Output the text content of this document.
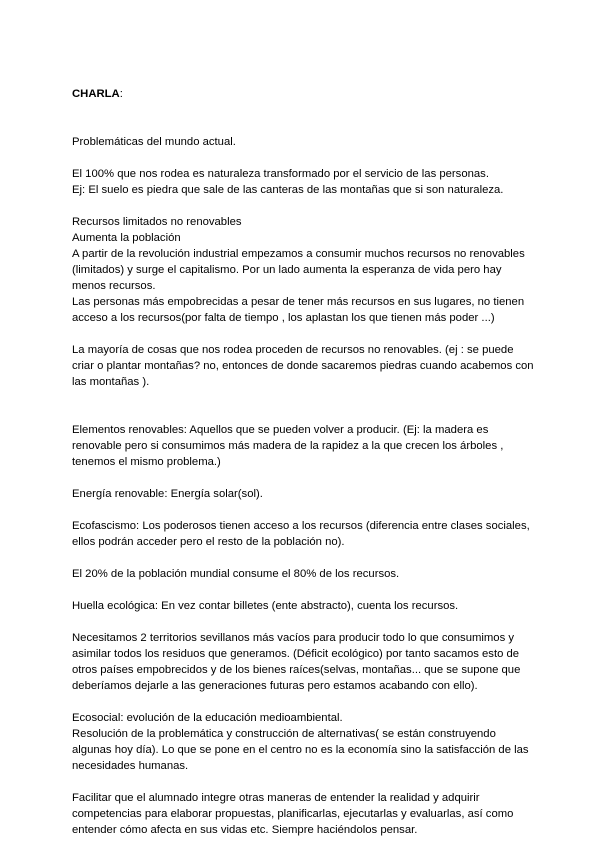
CHARLA:

Problemáticas del mundo actual.

El 100% que nos rodea es naturaleza transformado por el servicio de las personas.

Ej: El suelo es piedra que sale de las canteras de las montañas que si son naturaleza.

Recursos limitados no renovables

Aumenta la población

A partir de la revolución industrial empezamos a consumir muchos recursos no renovables (limitados) y surge el capitalismo. Por un lado aumenta la esperanza de vida pero hay menos recursos.

Las personas más empobrecidas a pesar de tener más recursos en sus lugares, no tienen acceso a los recursos(por falta de tiempo , los aplastan los que tienen más poder ...)

La mayoría de cosas que nos rodea proceden de recursos no renovables. (ej : se puede criar o plantar montañas? no, entonces de donde sacaremos piedras cuando acabemos con las montañas ).

Elementos renovables: Aquellos que se pueden volver a producir. (Ej: la madera es renovable pero si consumimos más madera de la rapidez a la que crecen los árboles , tenemos el mismo problema.)

Energía renovable: Energía solar(sol).

Ecofascismo: Los poderosos tienen acceso a los recursos (diferencia entre clases sociales, ellos podrán acceder pero el resto de la población no).

El 20% de la población mundial consume el 80% de los recursos.

Huella ecológica: En vez contar billetes (ente abstracto), cuenta los recursos.

Necesitamos 2 territorios sevillanos más vacíos para producir todo lo que consumimos y asimilar todos los residuos que generamos. (Déficit ecológico) por tanto sacamos esto de otros países empobrecidos y de los bienes raíces(selvas, montañas... que se supone que deberíamos dejarle a las generaciones futuras pero estamos acabando con ello).

Ecosocial: evolución de la educación medioambiental.

Resolución de la problemática y construcción de alternativas( se están construyendo algunas hoy día). Lo que se pone en el centro no es la economía sino la satisfacción de las necesidades humanas.

Facilitar que el alumnado integre otras maneras de entender la realidad y adquirir competencias para elaborar propuestas, planificarlas, ejecutarlas y evaluarlas, así como entender cómo afecta en sus vidas etc. Siempre haciéndolos pensar.
